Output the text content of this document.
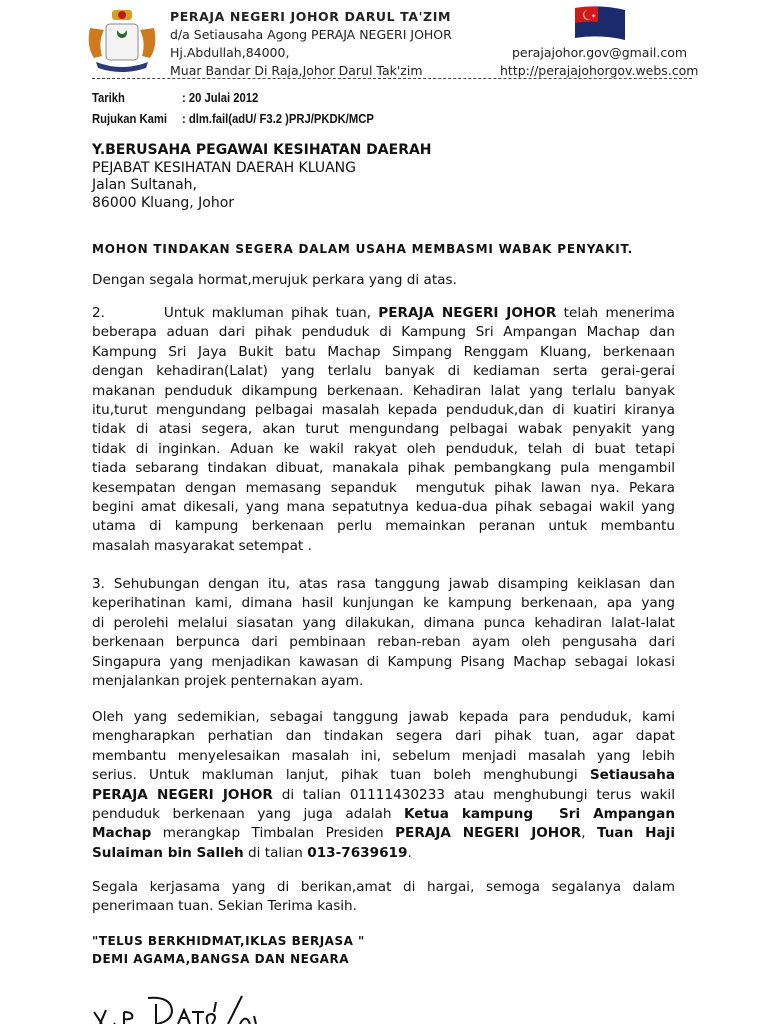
PERAJA NEGERI JOHOR DARUL TA'ZIM
d/a Setiausaha Agong PERAJA NEGERI JOHOR
Hj.Abdullah,84000,
Muar Bandar Di Raja,Johor Darul Tak'zim
✦
perajajohor.gov@gmail.com
http://perajajohorgov.webs.com
Tarikh	: 20 Julai 2012
Rujukan Kami : dlm.fail(adU/ F3.2 )PRJ/PKDK/MCP
Y.BERUSAHA PEGAWAI KESIHATAN DAERAH
PEJABAT KESIHATAN DAERAH KLUANG
Jalan Sultanah,
86000 Kluang, Johor
MOHON TINDAKAN SEGERA DALAM USAHA MEMBASMI WABAK PENYAKIT.
Dengan segala hormat,merujuk perkara yang di atas.
2.        Untuk makluman pihak tuan, PERAJA NEGERI JOHOR telah menerima
beberapa aduan dari pihak penduduk di Kampung Sri Ampangan Machap dan
Kampung Sri Jaya Bukit batu Machap Simpang Renggam Kluang, berkenaan
dengan kehadiran(Lalat) yang terlalu banyak di kediaman serta gerai-gerai
makanan penduduk dikampung berkenaan. Kehadiran lalat yang terlalu banyak
itu,turut mengundang pelbagai masalah kepada penduduk,dan di kuatiri kiranya
tidak di atasi segera, akan turut mengundang pelbagai wabak penyakit yang
tidak di inginkan. Aduan ke wakil rakyat oleh penduduk, telah di buat tetapi
tiada sebarang tindakan dibuat, manakala pihak pembangkang pula mengambil
kesempatan dengan memasang sepanduk  mengutuk pihak lawan nya. Pekara
begini amat dikesali, yang mana sepatutnya kedua-dua pihak sebagai wakil yang
utama di kampung berkenaan perlu memainkan peranan untuk membantu
masalah masyarakat setempat .
3. Sehubungan dengan itu, atas rasa tanggung jawab disamping keiklasan dan
keperihatinan kami, dimana hasil kunjungan ke kampung berkenaan, apa yang
di perolehi melalui siasatan yang dilakukan, dimana punca kehadiran lalat-lalat
berkenaan berpunca dari pembinaan reban-reban ayam oleh pengusaha dari
Singapura yang menjadikan kawasan di Kampung Pisang Machap sebagai lokasi
menjalankan projek penternakan ayam.
Oleh yang sedemikian, sebagai tanggung jawab kepada para penduduk, kami
mengharapkan perhatian dan tindakan segera dari pihak tuan, agar dapat
membantu menyelesaikan masalah ini, sebelum menjadi masalah yang lebih
serius. Untuk makluman lanjut, pihak tuan boleh menghubungi Setiausaha
PERAJA NEGERI JOHOR di talian 01111430233 atau menghubungi terus wakil
penduduk berkenaan yang juga adalah Ketua kampung  Sri Ampangan
Machap merangkap Timbalan Presiden PERAJA NEGERI JOHOR, Tuan Haji
Sulaiman bin Salleh di talian 013-7639619.
Segala kerjasama yang di berikan,amat di hargai, semoga segalanya dalam
penerimaan tuan. Sekian Terima kasih.
"TELUS BERKHIDMAT,IKLAS BERJASA "
DEMI AGAMA,BANGSA DAN NEGARA
